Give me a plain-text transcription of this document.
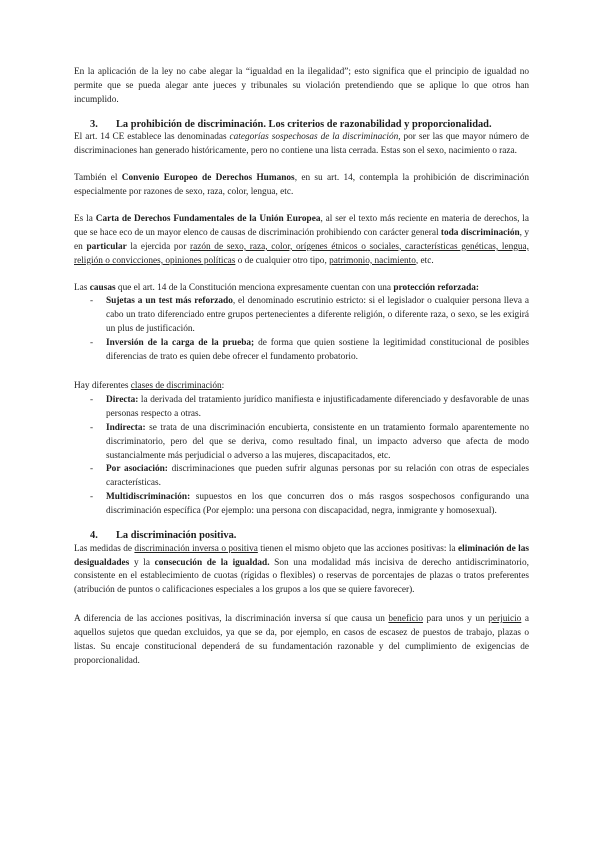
En la aplicación de la ley no cabe alegar la “igualdad en la ilegalidad”; esto significa que el principio de igualdad no permite que se pueda alegar ante jueces y tribunales su violación pretendiendo que se aplique lo que otros han incumplido.

3.	La prohibición de discriminación. Los criterios de razonabilidad y proporcionalidad.

El art. 14 CE establece las denominadas categorías sospechosas de la discriminación, por ser las que mayor número de discriminaciones han generado históricamente, pero no contiene una lista cerrada. Estas son el sexo, nacimiento o raza.

También el Convenio Europeo de Derechos Humanos, en su art. 14, contempla la prohibición de discriminación especialmente por razones de sexo, raza, color, lengua, etc.

Es la Carta de Derechos Fundamentales de la Unión Europea, al ser el texto más reciente en materia de derechos, la que se hace eco de un mayor elenco de causas de discriminación prohibiendo con carácter general toda discriminación, y en particular la ejercida por razón de sexo, raza, color, orígenes étnicos o sociales, características genéticas, lengua, religión o convicciones, opiniones políticas o de cualquier otro tipo, patrimonio, nacimiento, etc.

Las causas que el art. 14 de la Constitución menciona expresamente cuentan con una protección reforzada:

-	Sujetas a un test más reforzado, el denominado escrutinio estricto: si el legislador o cualquier persona lleva a cabo un trato diferenciado entre grupos pertenecientes a diferente religión, o diferente raza, o sexo, se les exigirá un plus de justificación.
-	Inversión de la carga de la prueba; de forma que quien sostiene la legitimidad constitucional de posibles diferencias de trato es quien debe ofrecer el fundamento probatorio.

Hay diferentes clases de discriminación:

-	Directa: la derivada del tratamiento jurídico manifiesta e injustificadamente diferenciado y desfavorable de unas personas respecto a otras.
-	Indirecta: se trata de una discriminación encubierta, consistente en un tratamiento formalo aparentemente no discriminatorio, pero del que se deriva, como resultado final, un impacto adverso que afecta de modo sustancialmente más perjudicial o adverso a las mujeres, discapacitados, etc.
-	Por asociación: discriminaciones que pueden sufrir algunas personas por su relación con otras de especiales características.
-	Multidiscriminación: supuestos en los que concurren dos o más rasgos sospechosos configurando una discriminación específica (Por ejemplo: una persona con discapacidad, negra, inmigrante y homosexual).
4.	La discriminación positiva.

Las medidas de discriminación inversa o positiva tienen el mismo objeto que las acciones positivas: la eliminación de las desigualdades y la consecución de la igualdad. Son una modalidad más incisiva de derecho antidiscriminatorio, consistente en el establecimiento de cuotas (rígidas o flexibles) o reservas de porcentajes de plazas o tratos preferentes (atribución de puntos o calificaciones especiales a los grupos a los que se quiere favorecer).

A diferencia de las acciones positivas, la discriminación inversa sí que causa un beneficio para unos y un perjuicio a aquellos sujetos que quedan excluidos, ya que se da, por ejemplo, en casos de escasez de puestos de trabajo, plazas o listas. Su encaje constitucional dependerá de su fundamentación razonable y del cumplimiento de exigencias de proporcionalidad.
